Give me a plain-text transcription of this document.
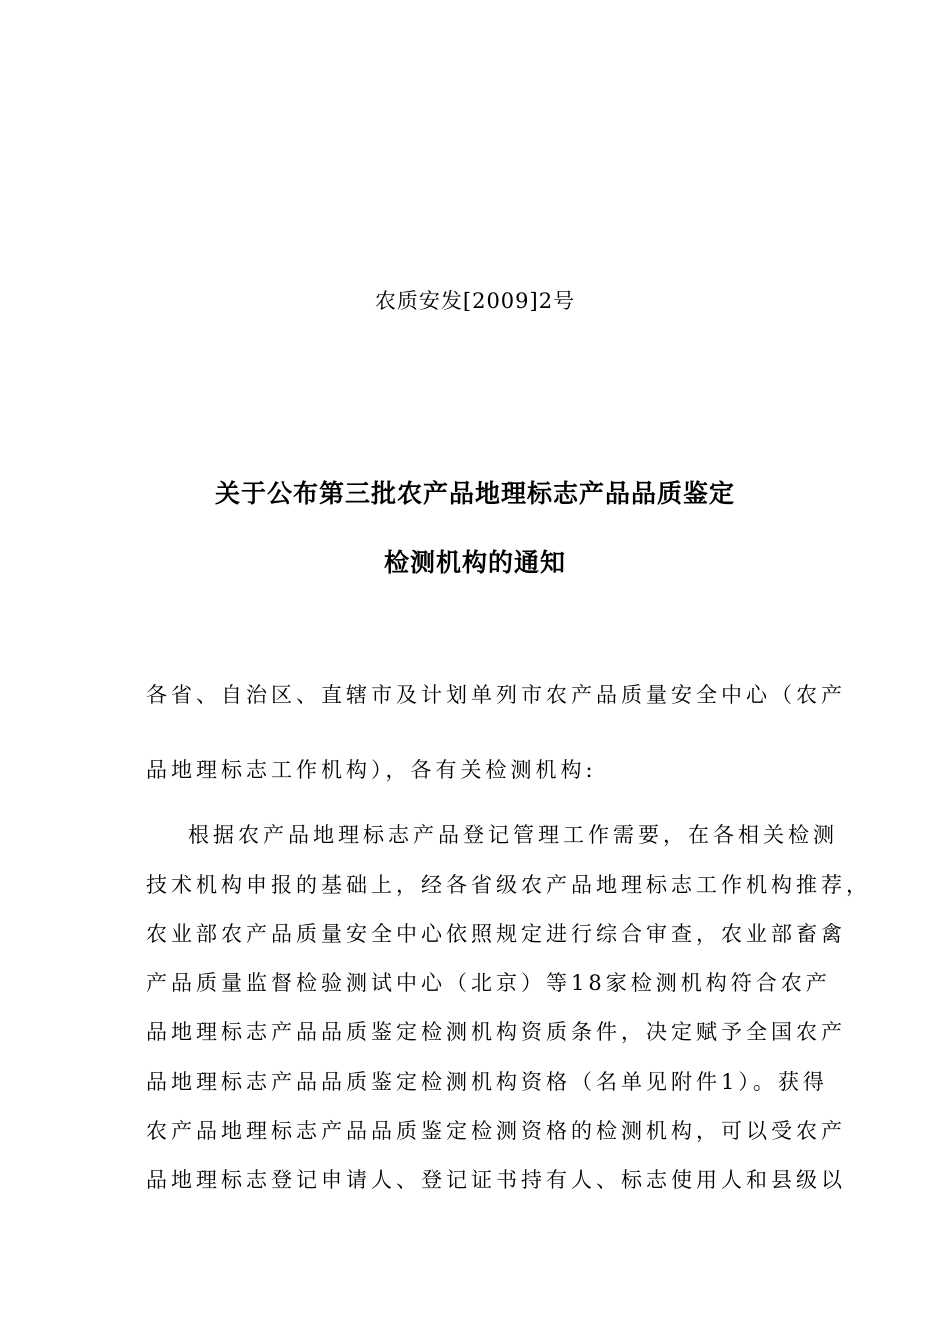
农质安发[2009]2号
关于公布第三批农产品地理标志产品品质鉴定
检测机构的通知
各省、自治区、直辖市及计划单列市农产品质量安全中心（农产
品地理标志工作机构），各有关检测机构:
根据农产品地理标志产品登记管理工作需要，在各相关检测
技术机构申报的基础上，经各省级农产品地理标志工作机构推荐，
农业部农产品质量安全中心依照规定进行综合审查，农业部畜禽
产品质量监督检验测试中心（北京）等18家检测机构符合农产
品地理标志产品品质鉴定检测机构资质条件，决定赋予全国农产
品地理标志产品品质鉴定检测机构资格（名单见附件1）。获得
农产品地理标志产品品质鉴定检测资格的检测机构，可以受农产
品地理标志登记申请人、登记证书持有人、标志使用人和县级以
